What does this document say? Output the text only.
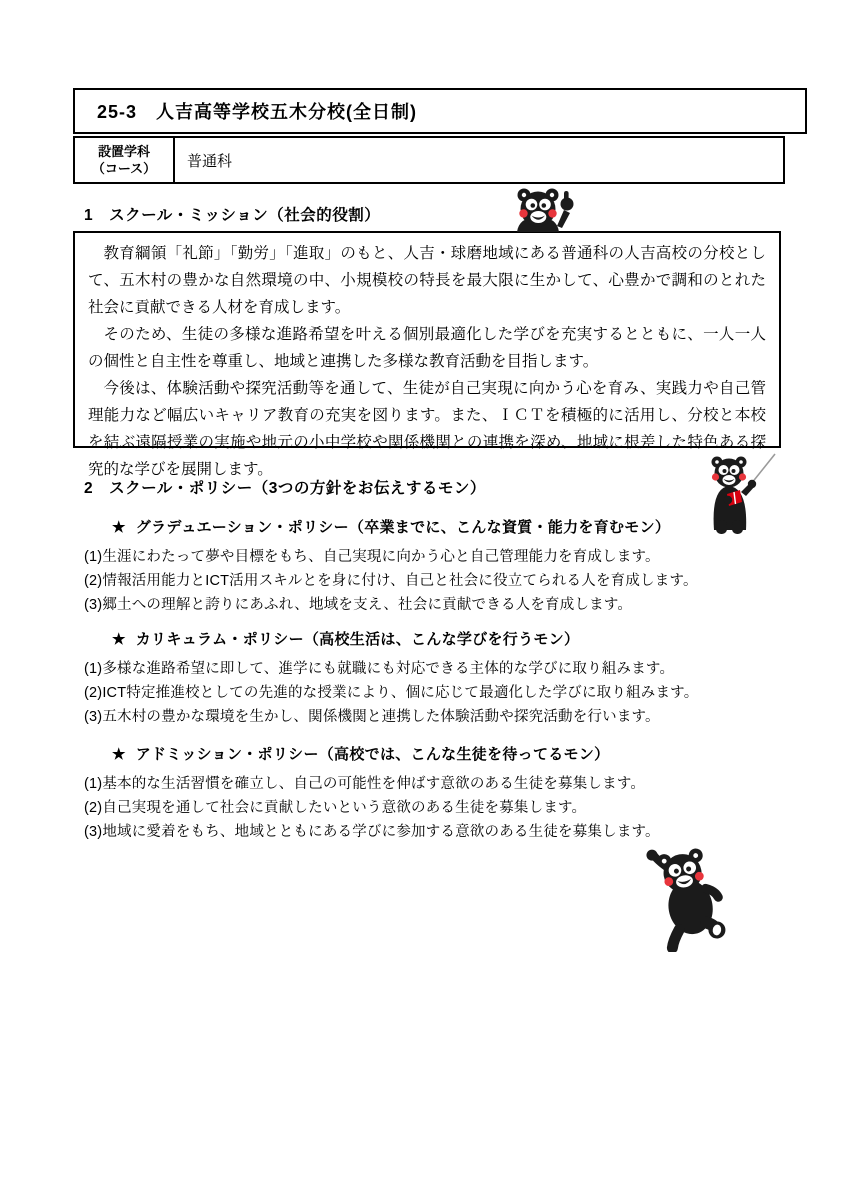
25-3　人吉高等学校五木分校(全日制)
設置学科
（コース） 普通科
1　スクール・ミッション（社会的役割）

教育綱領「礼節」「勤労」「進取」のもと、人吉・球磨地域にある普通科の人吉高校の分校として、五木村の豊かな自然環境の中、小規模校の特長を最大限に生かして、心豊かで調和のとれた社会に貢献できる人材を育成します。

そのため、生徒の多様な進路希望を叶える個別最適化した学びを充実するとともに、一人一人の個性と自主性を尊重し、地域と連携した多様な教育活動を目指します。

今後は、体験活動や探究活動等を通して、生徒が自己実現に向かう心を育み、実践力や自己管理能力など幅広いキャリア教育の充実を図ります。また、ＩＣＴを積極的に活用し、分校と本校を結ぶ遠隔授業の実施や地元の小中学校や関係機関との連携を深め、地域に根差した特色ある探究的な学びを展開します。

2　スクール・ポリシー（3つの方針をお伝えするモン）
★ グラデュエーション・ポリシー（卒業までに、こんな資質・能力を育むモン）
(1)生涯にわたって夢や目標をもち、自己実現に向かう心と自己管理能力を育成します。
(2)情報活用能力とICT活用スキルとを身に付け、自己と社会に役立てられる人を育成します。
(3)郷土への理解と誇りにあふれ、地域を支え、社会に貢献できる人を育成します。
★ カリキュラム・ポリシー（高校生活は、こんな学びを行うモン）
(1)多様な進路希望に即して、進学にも就職にも対応できる主体的な学びに取り組みます。
(2)ICT特定推進校としての先進的な授業により、個に応じて最適化した学びに取り組みます。
(3)五木村の豊かな環境を生かし、関係機関と連携した体験活動や探究活動を行います。
★ アドミッション・ポリシー（高校では、こんな生徒を待ってるモン）
(1)基本的な生活習慣を確立し、自己の可能性を伸ばす意欲のある生徒を募集します。
(2)自己実現を通して社会に貢献したいという意欲のある生徒を募集します。
(3)地域に愛着をもち、地域とともにある学びに参加する意欲のある生徒を募集します。
